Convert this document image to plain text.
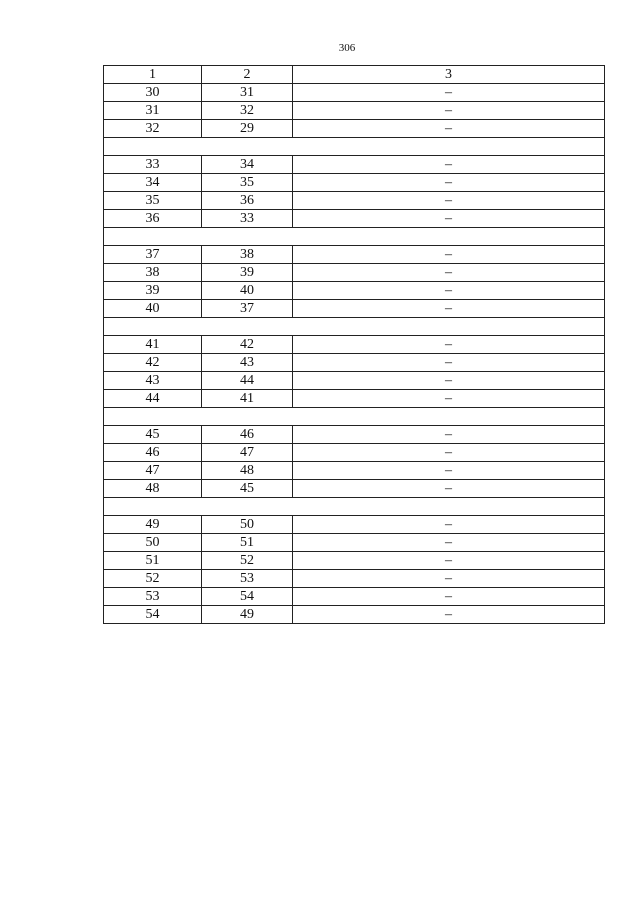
306
1	2	3
30	31	–
31	32	–
32	29	–

33	34	–
34	35	–
35	36	–
36	33	–

37	38	–
38	39	–
39	40	–
40	37	–

41	42	–
42	43	–
43	44	–
44	41	–

45	46	–
46	47	–
47	48	–
48	45	–

49	50	–
50	51	–
51	52	–
52	53	–
53	54	–
54	49	–
